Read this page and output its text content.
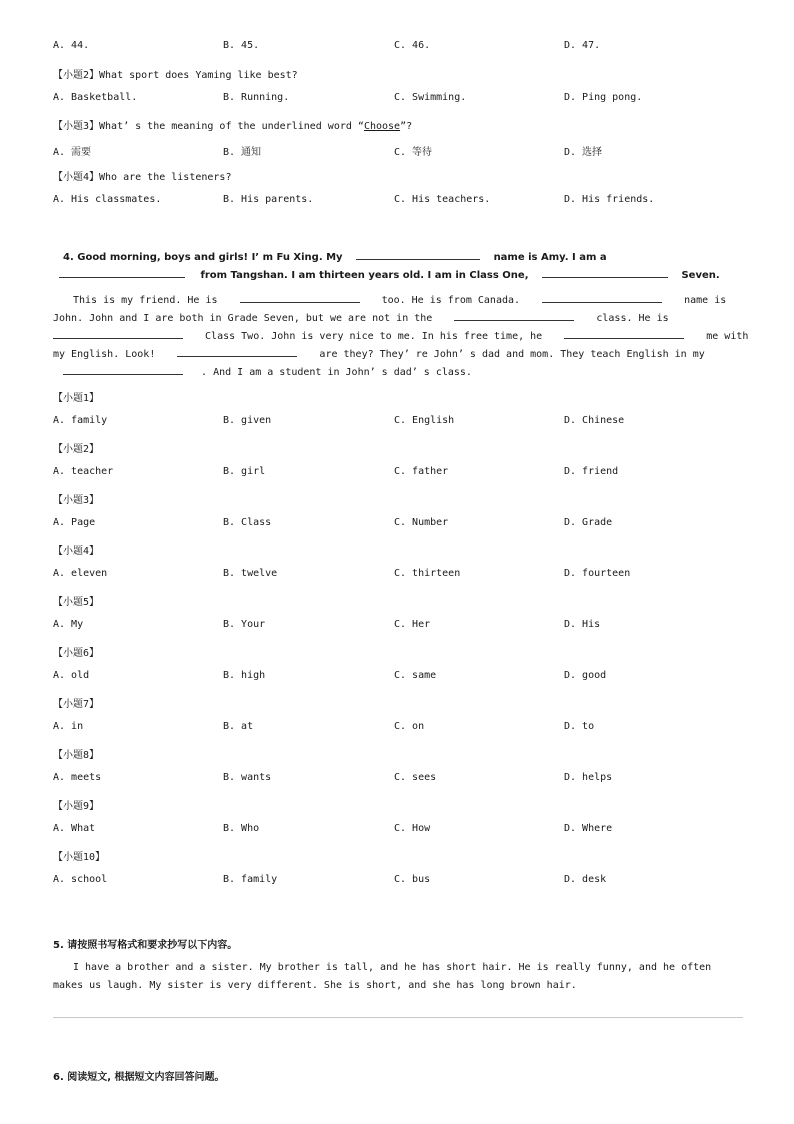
A. 44.	B. 45.	C. 46.	D. 47.
【小题2】What sport does Yaming like best?
A. Basketball.	B. Running.	C. Swimming.	D. Ping pong.
【小题3】What’ s the meaning of the underlined word “Choose”?
A. 需要	B. 通知	C. 等待	D. 选择
【小题4】Who are the listeners?
A. His classmates.	B. His parents.	C. His teachers.	D. His friends.
4. Good morning, boys and girls! I’ m Fu Xing. My	name is Amy. I am a
from Tangshan. I am thirteen years old. I am in Class One,	Seven.
This is my friend. He is	too. He is from Canada.	name is
John. John and I are both in Grade Seven, but we are not in the	class. He is
Class Two. John is very nice to me. In his free time, he	me with
my English. Look!	are they? They’ re John’ s dad and mom. They teach English in my
. And I am a student in John’ s dad’ s class.
【小题1】
A. family	B. given	C. English	D. Chinese
【小题2】
A. teacher	B. girl	C. father	D. friend
【小题3】
A. Page	B. Class	C. Number	D. Grade
【小题4】
A. eleven	B. twelve	C. thirteen	D. fourteen
【小题5】
A. My	B. Your	C. Her	D. His
【小题6】
A. old	B. high	C. same	D. good
【小题7】
A. in	B. at	C. on	D. to
【小题8】
A. meets	B. wants	C. sees	D. helps
【小题9】
A. What	B. Who	C. How	D. Where
【小题10】
A. school	B. family	C. bus	D. desk
5. 请按照书写格式和要求抄写以下内容。
I have a brother and a sister. My brother is tall, and he has short hair. He is really funny, and he often
makes us laugh. My sister is very different. She is short, and she has long brown hair.
6. 阅读短文, 根据短文内容回答问题。
